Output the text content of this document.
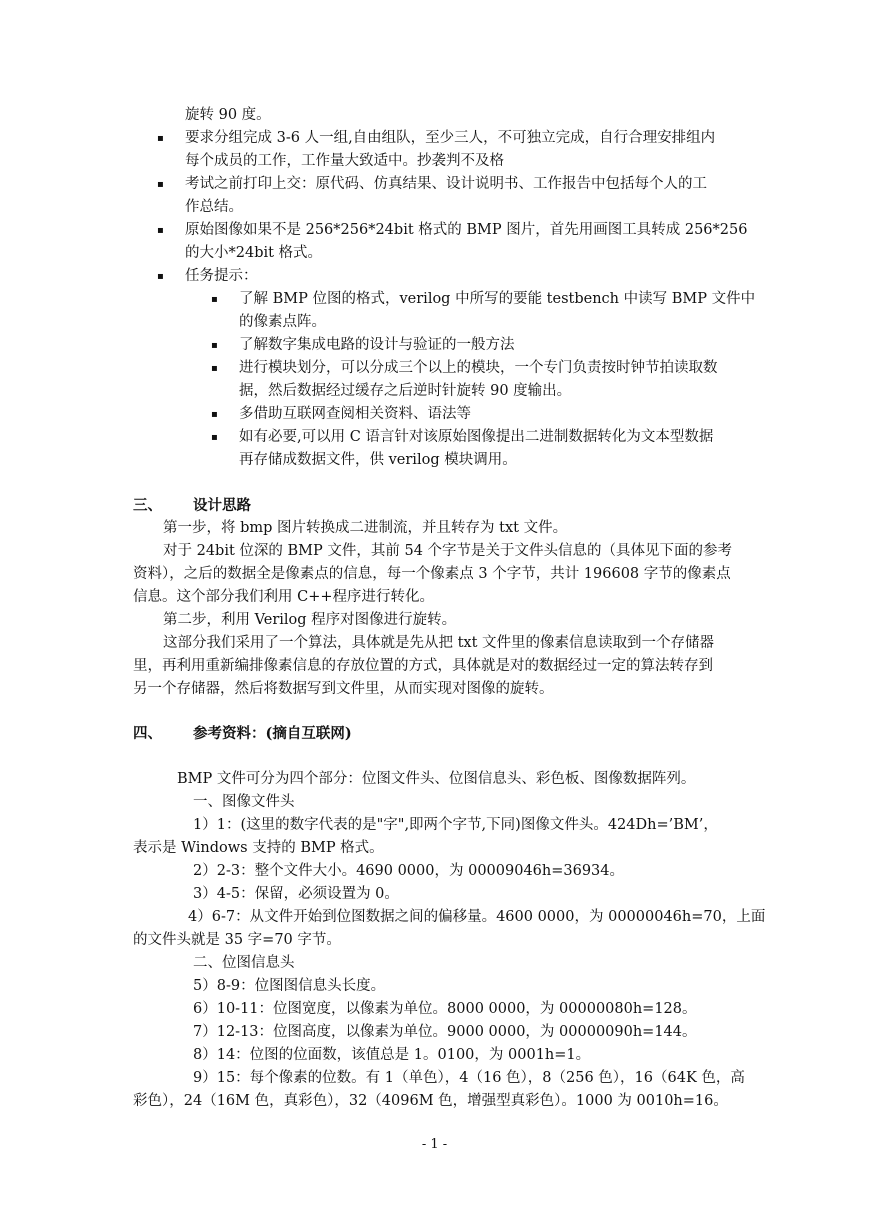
旋转 90 度。
▪ 要求分组完成 3-6 人一组,自由组队，至少三人，不可独立完成，自行合理安排组内
每个成员的工作，工作量大致适中。抄袭判不及格
▪ 考试之前打印上交：原代码、仿真结果、设计说明书、工作报告中包括每个人的工
作总结。
▪ 原始图像如果不是 256*256*24bit 格式的 BMP 图片，首先用画图工具转成 256*256
的大小*24bit 格式。
▪ 任务提示：
▪ 了解 BMP 位图的格式，verilog 中所写的要能 testbench 中读写 BMP 文件中
的像素点阵。
▪ 了解数字集成电路的设计与验证的一般方法
▪ 进行模块划分，可以分成三个以上的模块，一个专门负责按时钟节拍读取数
据，然后数据经过缓存之后逆时针旋转 90 度输出。
▪ 多借助互联网查阅相关资料、语法等
▪ 如有必要,可以用 C 语言针对该原始图像提出二进制数据转化为文本型数据
再存储成数据文件，供 verilog 模块调用。
三、 设计思路
第一步，将 bmp 图片转换成二进制流，并且转存为 txt 文件。
对于 24bit 位深的 BMP 文件，其前 54 个字节是关于文件头信息的（具体见下面的参考
资料），之后的数据全是像素点的信息，每一个像素点 3 个字节，共计 196608 字节的像素点
信息。这个部分我们利用 C++程序进行转化。
第二步，利用 Verilog 程序对图像进行旋转。
这部分我们采用了一个算法，具体就是先从把 txt 文件里的像素信息读取到一个存储器
里，再利用重新编排像素信息的存放位置的方式，具体就是对的数据经过一定的算法转存到
另一个存储器，然后将数据写到文件里，从而实现对图像的旋转。
四、 参考资料：(摘自互联网)
BMP 文件可分为四个部分：位图文件头、位图信息头、彩色板、图像数据阵列。
一、图像文件头
1）1：(这里的数字代表的是"字",即两个字节,下同)图像文件头。424Dh=’BM’，
表示是 Windows 支持的 BMP 格式。
2）2-3：整个文件大小。4690 0000，为 00009046h=36934。
3）4-5：保留，必须设置为 0。
4）6-7：从文件开始到位图数据之间的偏移量。4600 0000，为 00000046h=70，上面
的文件头就是 35 字=70 字节。
二、位图信息头
5）8-9：位图图信息头长度。
6）10-11：位图宽度，以像素为单位。8000 0000，为 00000080h=128。
7）12-13：位图高度，以像素为单位。9000 0000，为 00000090h=144。
8）14：位图的位面数，该值总是 1。0100，为 0001h=1。
9）15：每个像素的位数。有 1（单色），4（16 色），8（256 色），16（64K 色，高
彩色），24（16M 色，真彩色），32（4096M 色，增强型真彩色）。1000 为 0010h=16。
- 1 -
